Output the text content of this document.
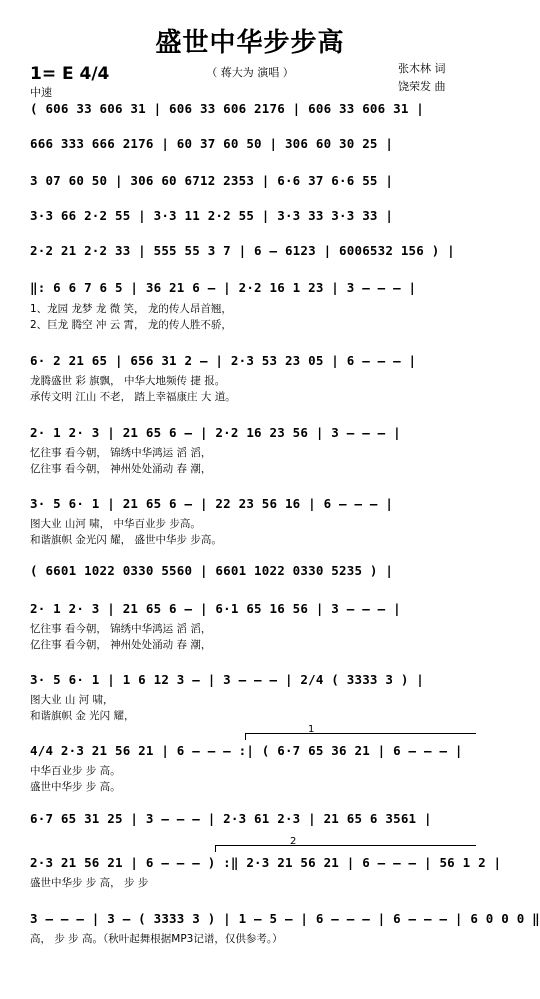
盛世中华步步高
（ 蒋大为 演唱 ）	张木林 词
饶荣发 曲
1= E 4/4
中速
( 606 33 606 31 | 606 33 606 2176 | 606 33 606 31 |
666 333 666 2176 | 60 37 60 50 | 306 60 30 25 |
3 07 60 50 | 306 60 6712 2353 | 6·6 37 6·6 55 |
3·3 66 2·2 55 | 3·3 11 2·2 55 | 3·3 33 3·3 33 |
2·2 21 2·2 33 | 555 55 3 7 | 6 — 6123 | 6006532 156 ) |
‖: 6 6 7 6 5 | 36 21 6 — | 2·2 16 1 23 | 3 — — — |
1、龙园 龙梦 龙 微 笑， 龙的传人昂首翘，
2、巨龙 腾空 冲 云 霄， 龙的传人胜不骄，
6· 2 21 65 | 656 31 2 — | 2·3 53 23 05 | 6 — — — |
龙腾盛世 彩 旗飘， 中华大地频传 捷 报。
承传文明 江山 不老， 踏上幸福康庄 大 道。
2· 1 2· 3 | 21 65 6 — | 2·2 16 23 56 | 3 — — — |
忆往事 看今朝， 锦绣中华鸿运 滔 滔，
亿往事 看今朝， 神州处处涌动 春 潮，
3· 5 6· 1 | 21 65 6 — | 22 23 56 16 | 6 — — — |
图大业 山河 啸， 中华百业步 步高。
和谐旗帜 金光闪 耀， 盛世中华步 步高。
( 6601 1022 0330 5560 | 6601 1022 0330 5235 ) |
2· 1 2· 3 | 21 65 6 — | 6·1 65 16 56 | 3 — — — |
忆往事 看今朝， 锦绣中华鸿运 滔 滔，
亿往事 看今朝， 神州处处涌动 春 潮，
3· 5 6· 1 | 1 6 12 3 — | 3 — — — | 2/4 ( 3333 3 ) |
图大业 山 河 啸，
和谐旗帜 金 光闪 耀，
1
4/4 2·3 21 56 21 | 6 — — — :| ( 6·7 65 36 21 | 6 — — — |
中华百业步 步 高。
盛世中华步 步 高。
6·7 65 31 25 | 3 — — — | 2·3 61 2·3 | 21 65 6 3561 |
2
2·3 21 56 21 | 6 — — — ) :‖ 2·3 21 56 21 | 6 — — — | 56 1 2 |
盛世中华步 步 高， 步 步
3 — — — | 3 — ( 3333 3 ) | 1 — 5 — | 6 — — — | 6 — — — | 6 0 0 0 ‖
高， 步 步 高。（秋叶起舞根据MP3记谱，仅供参考。）
